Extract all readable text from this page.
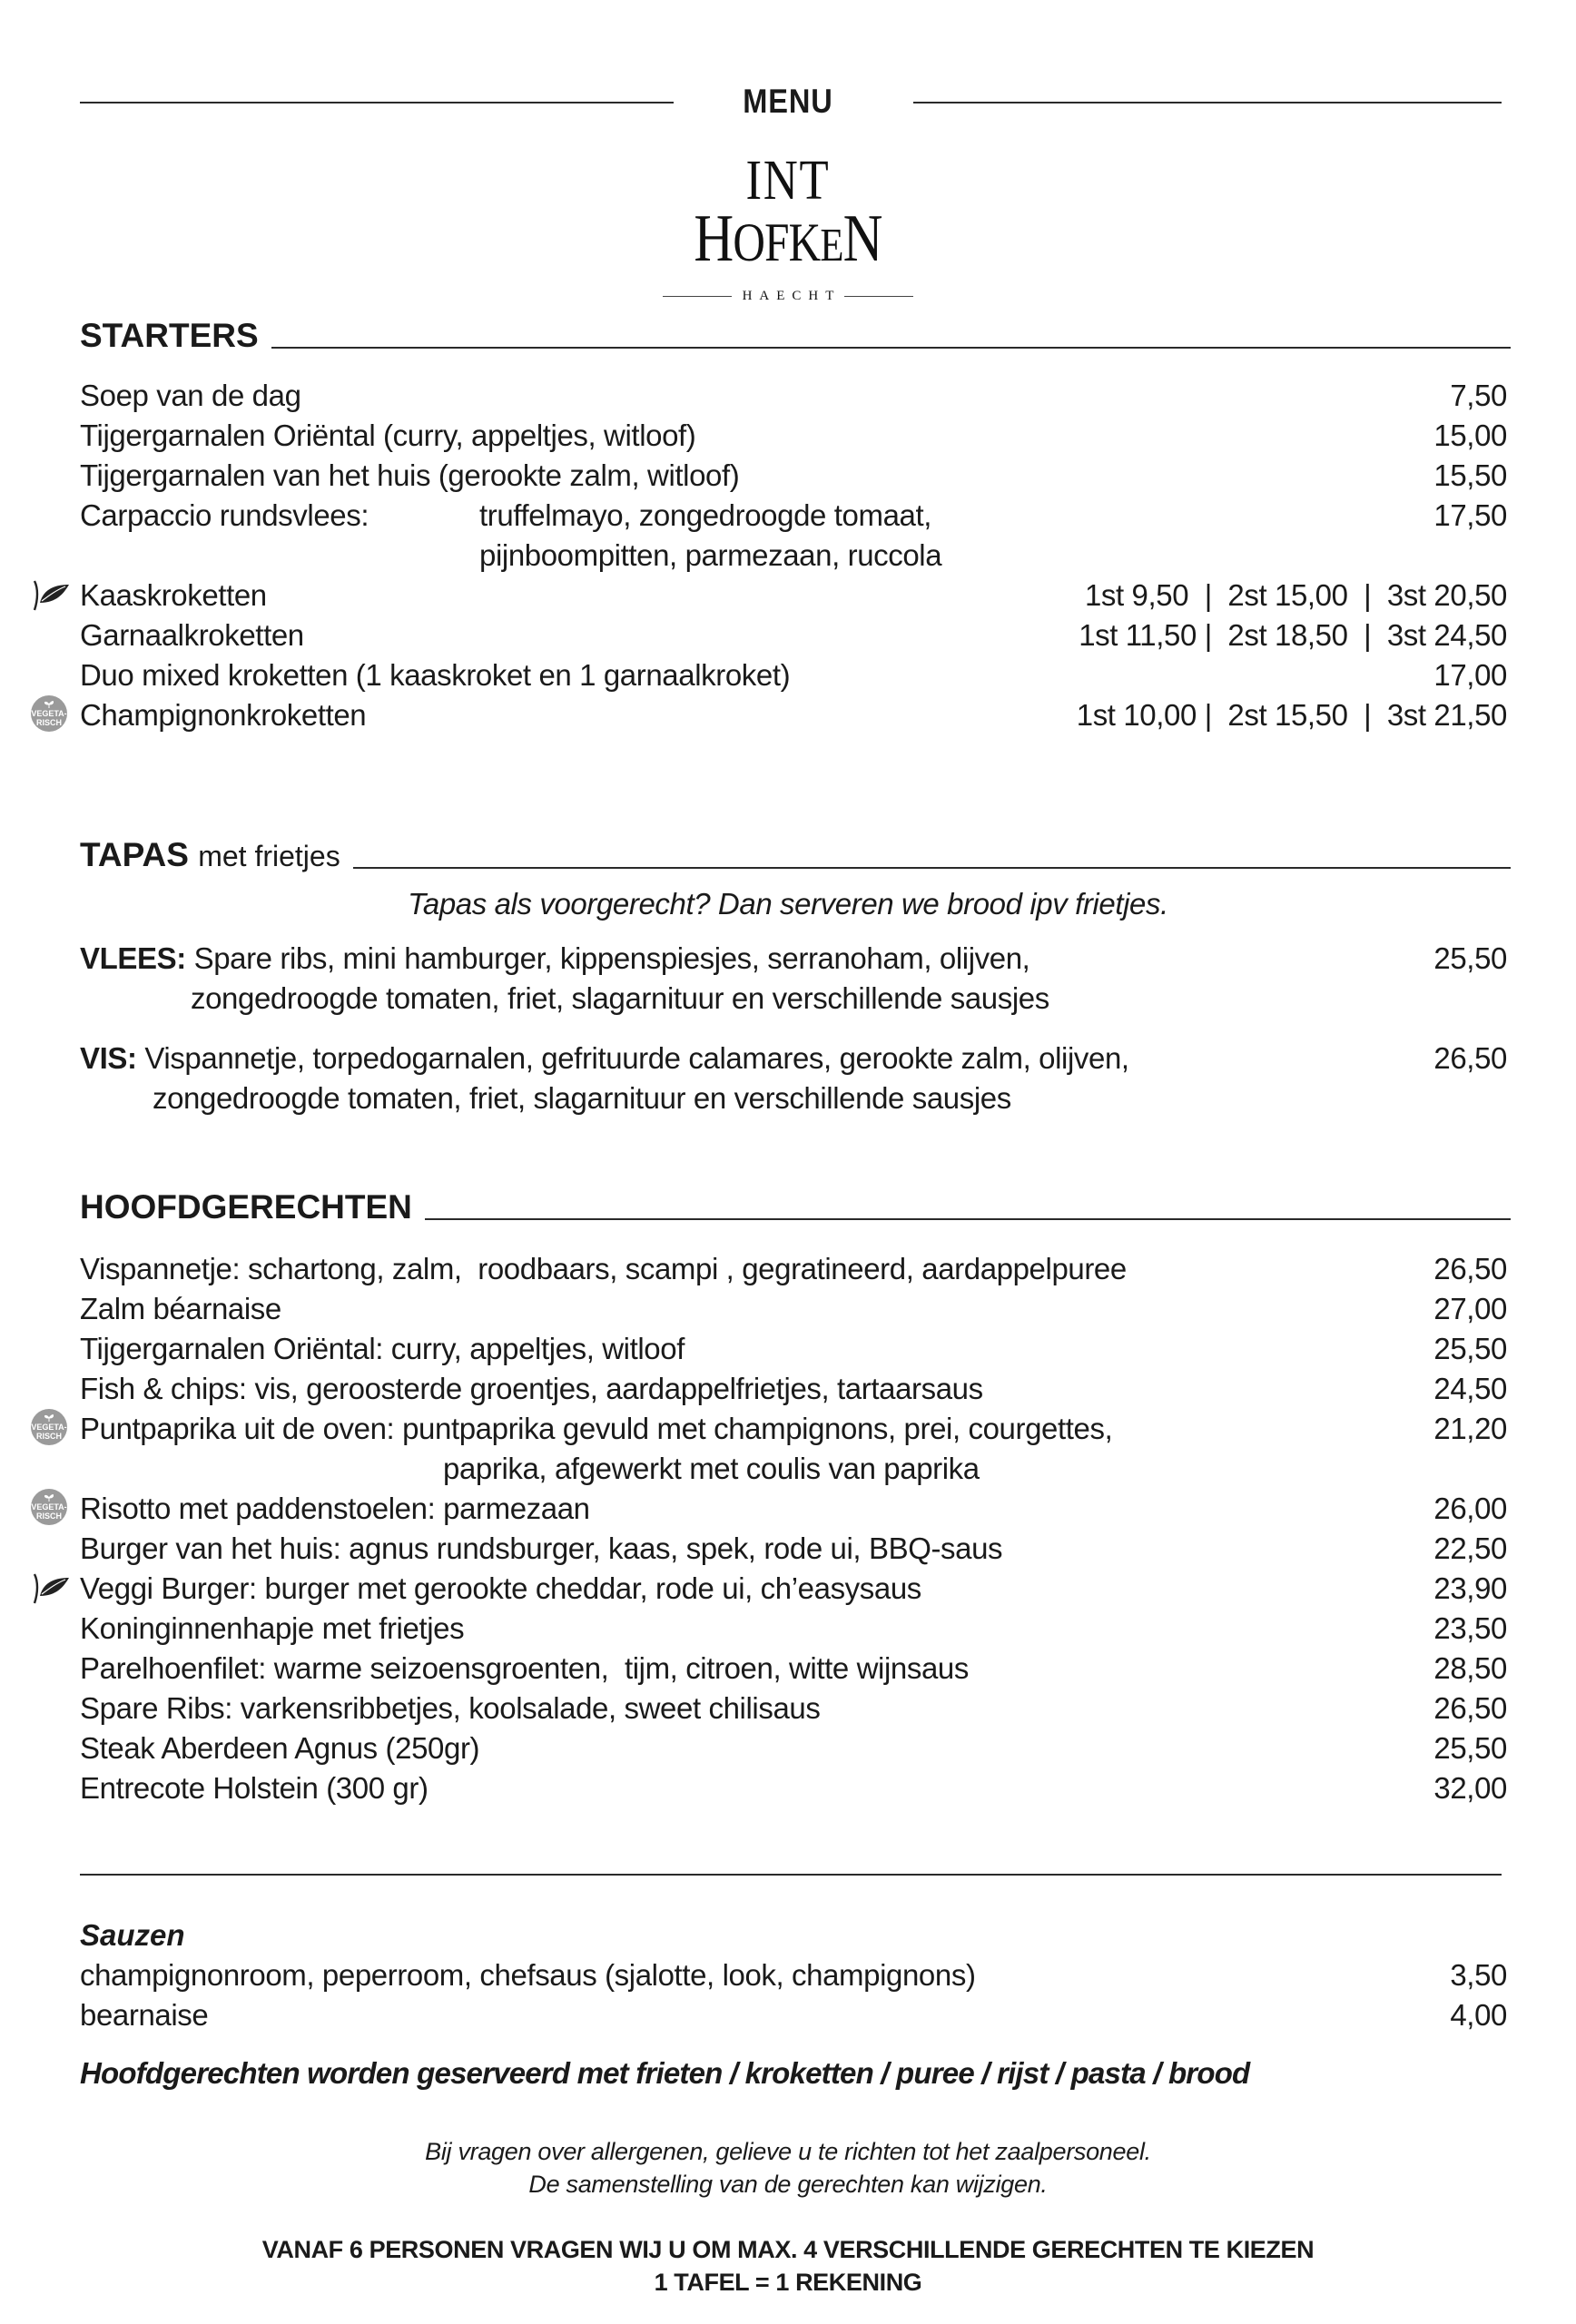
MENU
INT
HOFKEN
HAECHT
STARTERS
Soep van de dag	7,50
Tijgergarnalen Oriëntal (curry, appeltjes, witloof)	15,00
Tijgergarnalen van het huis (gerookte zalm, witloof)	15,50
Carpaccio rundsvlees:	truffelmayo, zongedroogde tomaat,	17,50
pijnboompitten, parmezaan, ruccola
Kaaskroketten	1st 9,50  |  2st 15,00  |  3st 20,50
Garnaalkroketten	1st 11,50 |  2st 18,50  |  3st 24,50
Duo mixed kroketten (1 kaaskroket en 1 garnaalkroket)	17,00
VEGETA-
RISCH Champignonkroketten	1st 10,00 |  2st 15,50  |  3st 21,50
TAPAS met frietjes
Tapas als voorgerecht? Dan serveren we brood ipv frietjes.
VLEES: Spare ribs, mini hamburger, kippenspiesjes, serranoham, olijven,	25,50
zongedroogde tomaten, friet, slagarnituur en verschillende sausjes
VIS: Vispannetje, torpedogarnalen, gefrituurde calamares, gerookte zalm, olijven,	26,50
zongedroogde tomaten, friet, slagarnituur en verschillende sausjes
HOOFDGERECHTEN
Vispannetje: schartong, zalm,  roodbaars, scampi , gegratineerd, aardappelpuree	26,50
Zalm béarnaise	27,00
Tijgergarnalen Oriëntal: curry, appeltjes, witloof	25,50
Fish & chips: vis, geroosterde groentjes, aardappelfrietjes, tartaarsaus	24,50
VEGETA-
RISCH Puntpaprika uit de oven: puntpaprika gevuld met champignons, prei, courgettes,	21,20
paprika, afgewerkt met coulis van paprika
VEGETA-
RISCH Risotto met paddenstoelen: parmezaan	26,00
Burger van het huis: agnus rundsburger, kaas, spek, rode ui, BBQ-saus	22,50
Veggi Burger: burger met gerookte cheddar, rode ui, ch’easysaus	23,90
Koninginnenhapje met frietjes	23,50
Parelhoenfilet: warme seizoensgroenten,  tijm, citroen, witte wijnsaus	28,50
Spare Ribs: varkensribbetjes, koolsalade, sweet chilisaus	26,50
Steak Aberdeen Agnus (250gr)	25,50
Entrecote Holstein (300 gr)	32,00
Sauzen
champignonroom, peperroom, chefsaus (sjalotte, look, champignons)	3,50
bearnaise	4,00
Hoofdgerechten worden geserveerd met frieten / kroketten / puree / rijst / pasta / brood
Bij vragen over allergenen, gelieve u te richten tot het zaalpersoneel.
De samenstelling van de gerechten kan wijzigen.
VANAF 6 PERSONEN VRAGEN WIJ U OM MAX. 4 VERSCHILLENDE GERECHTEN TE KIEZEN
1 TAFEL = 1 REKENING
